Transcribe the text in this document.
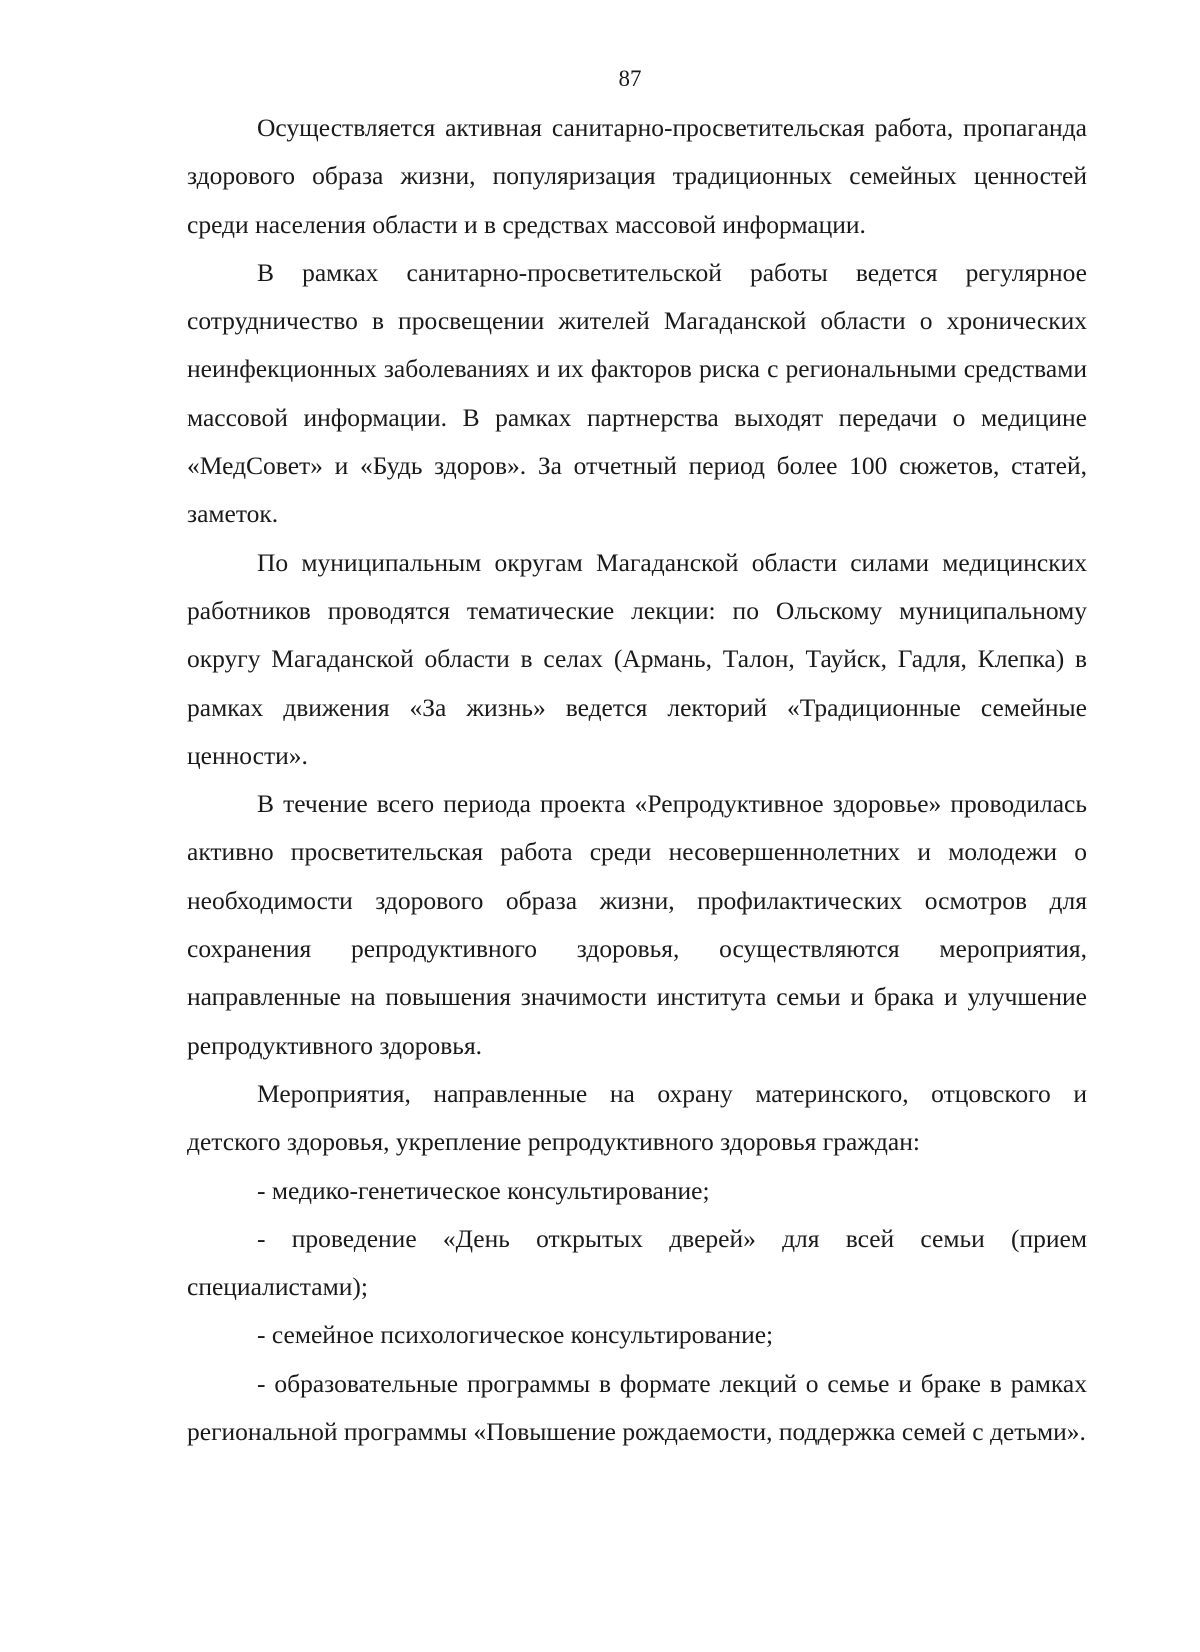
87

Осуществляется активная санитарно-просветительская работа, пропаганда здорового образа жизни, популяризация традиционных семейных ценностей среди населения области и в средствах массовой информации.

В рамках санитарно-просветительской работы ведется регулярное сотрудничество в просвещении жителей Магаданской области о хронических неинфекционных заболеваниях и их факторов риска с региональными средствами массовой информации. В рамках партнерства выходят передачи о медицине «МедСовет» и «Будь здоров». За отчетный период более 100 сюжетов, статей, заметок.

По муниципальным округам Магаданской области силами медицинских работников проводятся тематические лекции: по Ольскому муниципальному округу Магаданской области в селах (Армань, Талон, Тауйск, Гадля, Клепка) в рамках движения «За жизнь» ведется лекторий «Традиционные семейные ценности».

В течение всего периода проекта «Репродуктивное здоровье» проводилась активно просветительская работа среди несовершеннолетних и молодежи о необходимости здорового образа жизни, профилактических осмотров для сохранения репродуктивного здоровья, осуществляются мероприятия, направленные на повышения значимости института семьи и брака и улучшение репродуктивного здоровья.

Мероприятия, направленные на охрану материнского, отцовского и детского здоровья, укрепление репродуктивного здоровья граждан:

- медико-генетическое консультирование;

- проведение «День открытых дверей» для всей семьи (прием специалистами);

- семейное психологическое консультирование;

- образовательные программы в формате лекций о семье и браке в рамках региональной программы «Повышение рождаемости, поддержка семей с детьми».
